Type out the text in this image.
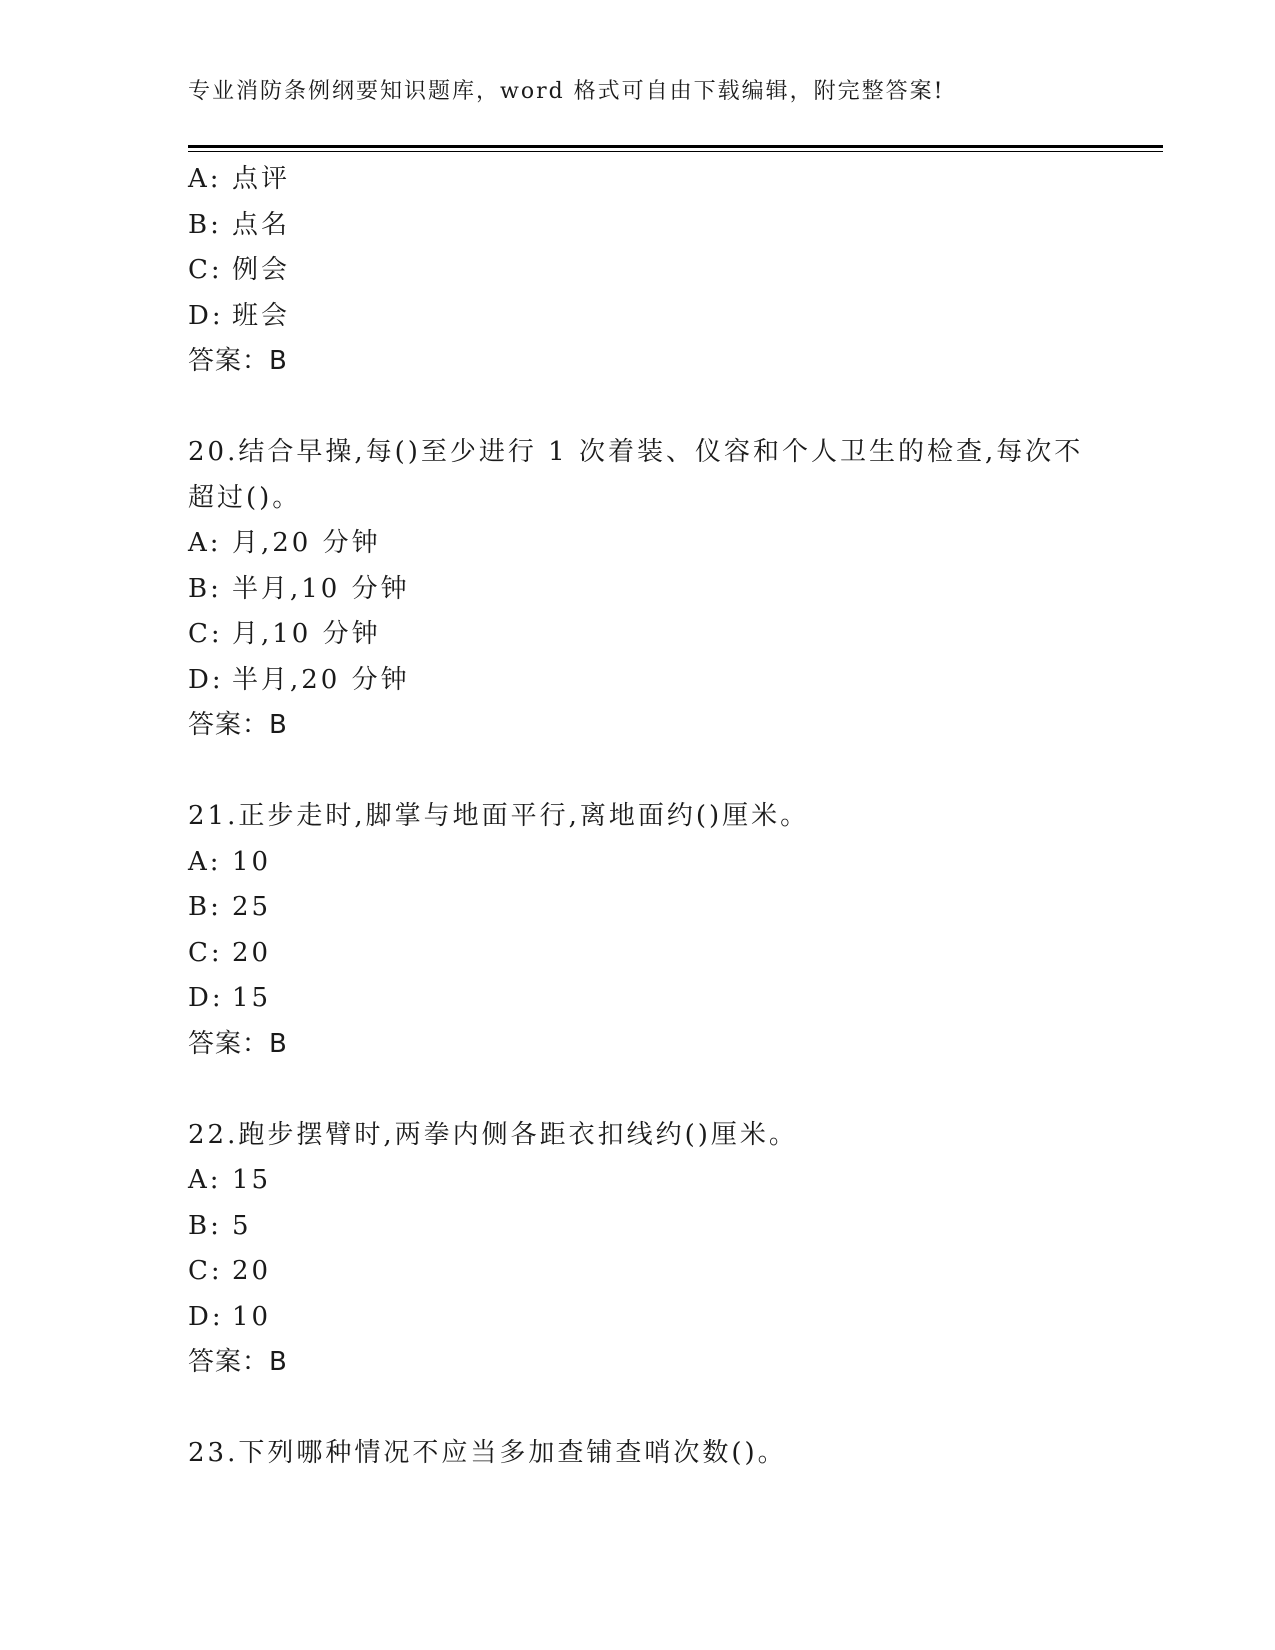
专业消防条例纲要知识题库，word 格式可自由下载编辑，附完整答案!
A: 点评
B: 点名
C: 例会
D: 班会
答案：B
20.结合早操,每()至少进行 1 次着装、仪容和个人卫生的检查,每次不
超过()。
A: 月,20 分钟
B: 半月,10 分钟
C: 月,10 分钟
D: 半月,20 分钟
答案：B
21.正步走时,脚掌与地面平行,离地面约()厘米。
A: 10
B: 25
C: 20
D: 15
答案：B
22.跑步摆臂时,两拳内侧各距衣扣线约()厘米。
A: 15
B: 5
C: 20
D: 10
答案：B
23.下列哪种情况不应当多加查铺查哨次数()。
